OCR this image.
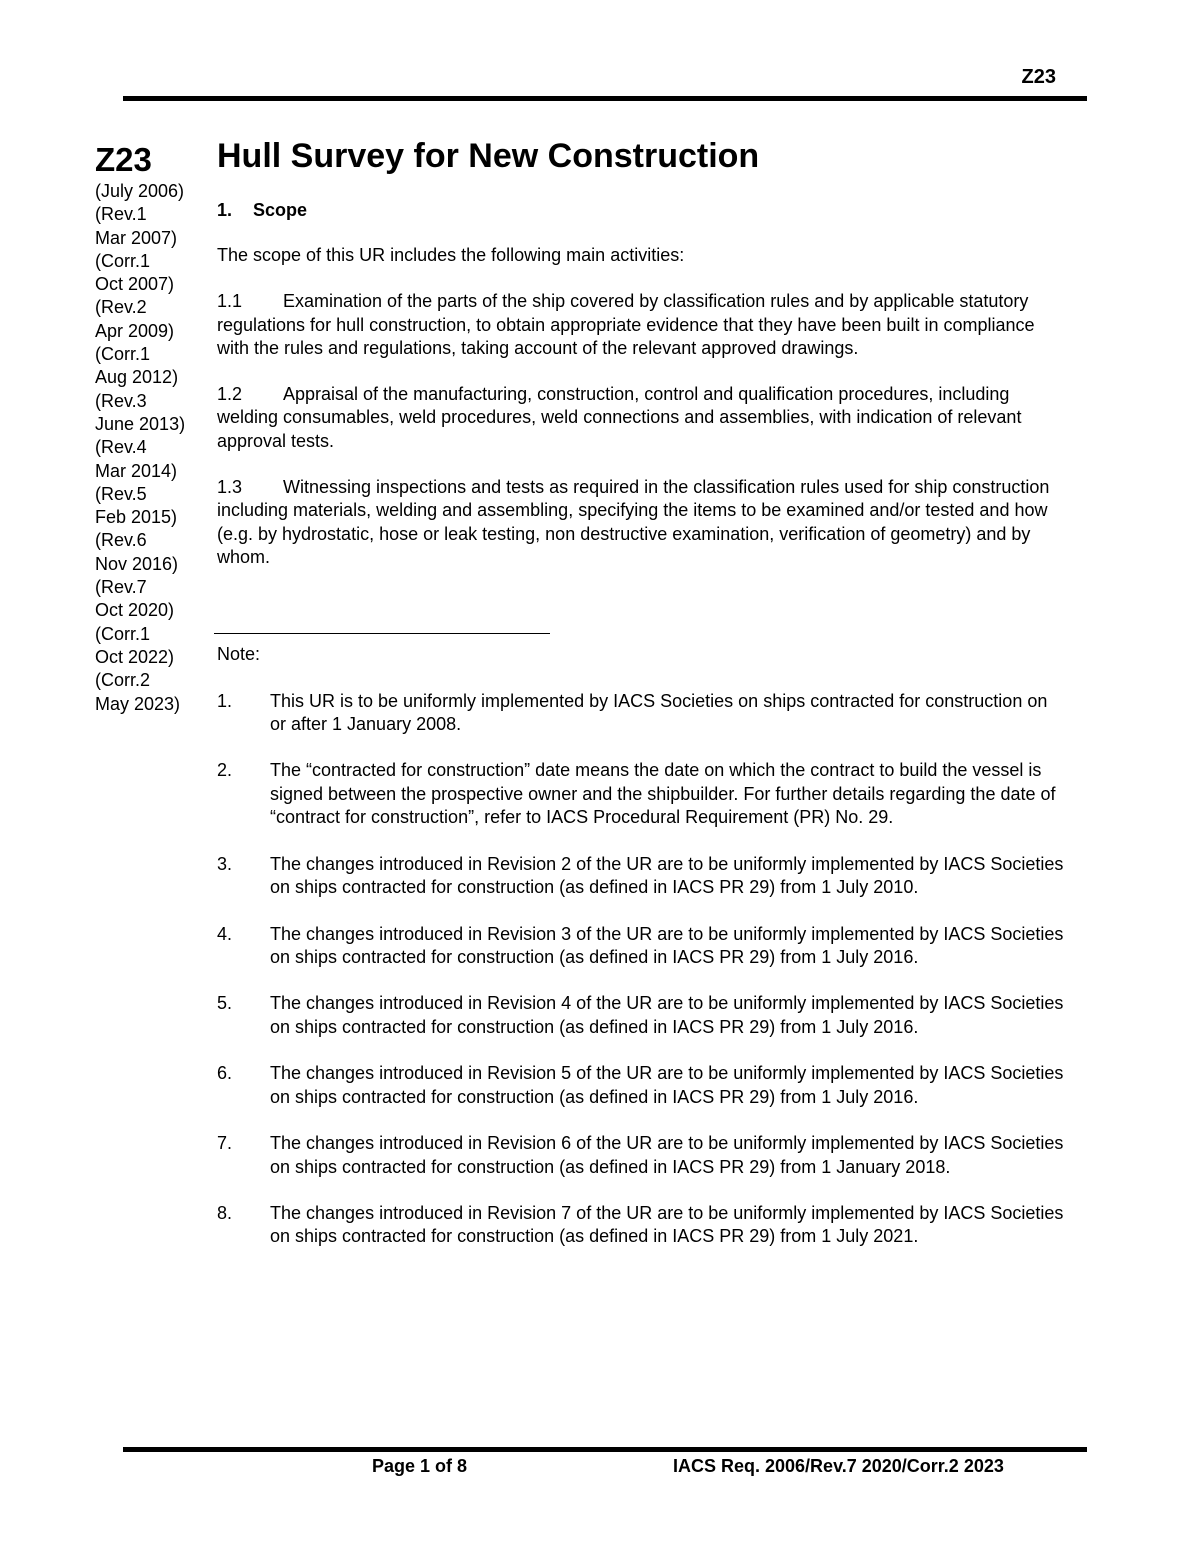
Z23
Z23
(July 2006)
(Rev.1
Mar 2007)
(Corr.1
Oct 2007)
(Rev.2
Apr 2009)
(Corr.1
Aug 2012)
(Rev.3
June 2013)
(Rev.4
Mar 2014)
(Rev.5
Feb 2015)
(Rev.6
Nov 2016)
(Rev.7
Oct 2020)
(Corr.1
Oct 2022)
(Corr.2
May 2023)
Hull Survey for New Construction
1. Scope

The scope of this UR includes the following main activities:

1.1 Examination of the parts of the ship covered by classification rules and by applicable statutory regulations for hull construction, to obtain appropriate evidence that they have been built in compliance with the rules and regulations, taking account of the relevant approved drawings.

1.2 Appraisal of the manufacturing, construction, control and qualification procedures, including welding consumables, weld procedures, weld connections and assemblies, with indication of relevant approval tests.

1.3 Witnessing inspections and tests as required in the classification rules used for ship construction including materials, welding and assembling, specifying the items to be examined and/or tested and how (e.g. by hydrostatic, hose or leak testing, non destructive examination, verification of geometry) and by whom.

Note:
1.	This UR is to be uniformly implemented by IACS Societies on ships contracted for construction on or after 1 January 2008.
2.	The “contracted for construction” date means the date on which the contract to build the vessel is signed between the prospective owner and the shipbuilder. For further details regarding the date of “contract for construction”, refer to IACS Procedural Requirement (PR) No. 29.
3.	The changes introduced in Revision 2 of the UR are to be uniformly implemented by IACS Societies on ships contracted for construction (as defined in IACS PR 29) from 1 July 2010.
4.	The changes introduced in Revision 3 of the UR are to be uniformly implemented by IACS Societies on ships contracted for construction (as defined in IACS PR 29) from 1 July 2016.
5.	The changes introduced in Revision 4 of the UR are to be uniformly implemented by IACS Societies on ships contracted for construction (as defined in IACS PR 29) from 1 July 2016.
6.	The changes introduced in Revision 5 of the UR are to be uniformly implemented by IACS Societies on ships contracted for construction (as defined in IACS PR 29) from 1 July 2016.
7.	The changes introduced in Revision 6 of the UR are to be uniformly implemented by IACS Societies on ships contracted for construction (as defined in IACS PR 29) from 1 January 2018.
8.	The changes introduced in Revision 7 of the UR are to be uniformly implemented by IACS Societies on ships contracted for construction (as defined in IACS PR 29) from 1 July 2021.
Page 1 of 8	IACS Req. 2006/Rev.7 2020/Corr.2 2023
